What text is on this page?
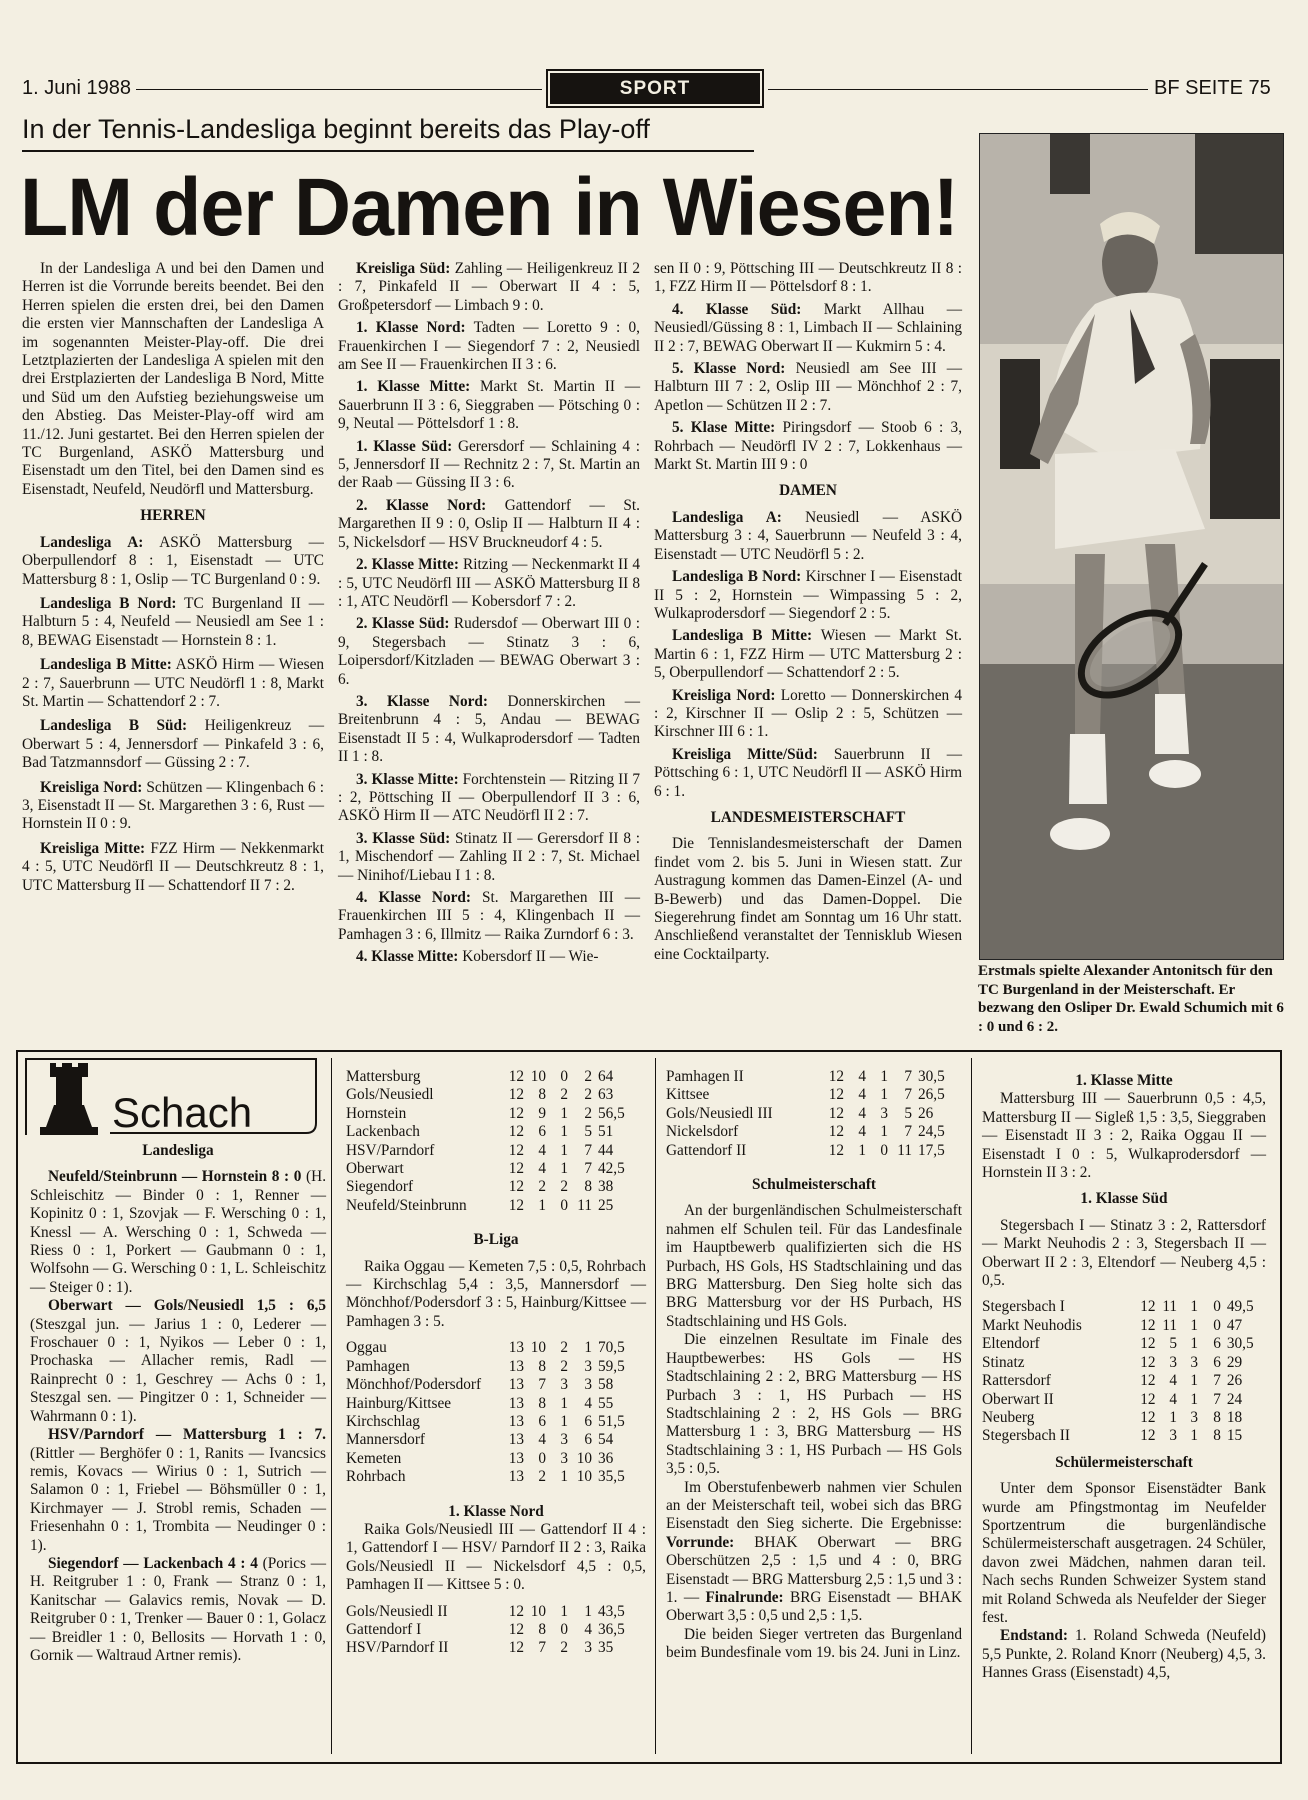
1. Juni 1988	SPORT	BF SEITE 75
In der Tennis-Landesliga beginnt bereits das Play-off
LM der Damen in Wiesen!

In der Landesliga A und bei den Damen und Herren ist die Vorrunde bereits beendet. Bei den Herren spielen die ersten drei, bei den Damen die ersten vier Mannschaften der Landesliga A im sogenannten Meister-Play-off. Die drei Letztplazierten der Landesliga A spielen mit den drei Erstplazierten der Landesliga B Nord, Mitte und Süd um den Aufstieg beziehungsweise um den Abstieg. Das Meister-Play-off wird am 11./12. Juni gestartet. Bei den Herren spielen der TC Burgenland, ASKÖ Mattersburg und Eisenstadt um den Titel, bei den Damen sind es Eisenstadt, Neufeld, Neudörfl und Mattersburg.

HERREN

Landesliga A: ASKÖ Mattersburg — Oberpullendorf 8 : 1, Eisenstadt — UTC Mattersburg 8 : 1, Oslip — TC Burgenland 0 : 9.

Landesliga B Nord: TC Burgenland II — Halbturn 5 : 4, Neufeld — Neusiedl am See 1 : 8, BEWAG Eisenstadt — Hornstein 8 : 1.

Landesliga B Mitte: ASKÖ Hirm — Wiesen 2 : 7, Sauerbrunn — UTC Neudörfl 1 : 8, Markt St. Martin — Schattendorf 2 : 7.

Landesliga B Süd: Heiligenkreuz — Oberwart 5 : 4, Jennersdorf — Pinkafeld 3 : 6, Bad Tatzmannsdorf — Güssing 2 : 7.

Kreisliga Nord: Schützen — Klingenbach 6 : 3, Eisenstadt II — St. Margarethen 3 : 6, Rust — Hornstein II 0 : 9.

Kreisliga Mitte: FZZ Hirm — Nekkenmarkt 4 : 5, UTC Neudörfl II — Deutschkreutz 8 : 1, UTC Mattersburg II — Schattendorf II 7 : 2.

Kreisliga Süd: Zahling — Heiligenkreuz II 2 : 7, Pinkafeld II — Oberwart II 4 : 5, Großpetersdorf — Limbach 9 : 0.

1. Klasse Nord: Tadten — Loretto 9 : 0, Frauenkirchen I — Siegendorf 7 : 2, Neusiedl am See II — Frauenkirchen II 3 : 6.

1. Klasse Mitte: Markt St. Martin II — Sauerbrunn II 3 : 6, Sieggraben — Pötsching 0 : 9, Neutal — Pöttelsdorf 1 : 8.

1. Klasse Süd: Gerersdorf — Schlaining 4 : 5, Jennersdorf II — Rechnitz 2 : 7, St. Martin an der Raab — Güssing II 3 : 6.

2. Klasse Nord: Gattendorf — St. Margarethen II 9 : 0, Oslip II — Halbturn II 4 : 5, Nickelsdorf — HSV Bruckneudorf 4 : 5.

2. Klasse Mitte: Ritzing — Neckenmarkt II 4 : 5, UTC Neudörfl III — ASKÖ Mattersburg II 8 : 1, ATC Neudörfl — Kobersdorf 7 : 2.

2. Klasse Süd: Rudersdof — Oberwart III 0 : 9, Stegersbach — Stinatz 3 : 6, Loipersdorf/Kitzladen — BEWAG Oberwart 3 : 6.

3. Klasse Nord: Donnerskirchen — Breitenbrunn 4 : 5, Andau — BEWAG Eisenstadt II 5 : 4, Wulkaprodersdorf — Tadten II 1 : 8.

3. Klasse Mitte: Forchtenstein — Ritzing II 7 : 2, Pöttsching II — Oberpullendorf II 3 : 6, ASKÖ Hirm II — ATC Neudörfl II 2 : 7.

3. Klasse Süd: Stinatz II — Gerersdorf II 8 : 1, Mischendorf — Zahling II 2 : 7, St. Michael — Ninihof/Liebau I 1 : 8.

4. Klasse Nord: St. Margarethen III — Frauenkirchen III 5 : 4, Klingenbach II — Pamhagen 3 : 6, Illmitz — Raika Zurndorf 6 : 3.

4. Klasse Mitte: Kobersdorf II — Wie-

sen II 0 : 9, Pöttsching III — Deutschkreutz II 8 : 1, FZZ Hirm II — Pöttelsdorf 8 : 1.

4. Klasse Süd: Markt Allhau — Neusiedl/Güssing 8 : 1, Limbach II — Schlaining II 2 : 7, BEWAG Oberwart II — Kukmirn 5 : 4.

5. Klasse Nord: Neusiedl am See III — Halbturn III 7 : 2, Oslip III — Mönchhof 2 : 7, Apetlon — Schützen II 2 : 7.

5. Klase Mitte: Piringsdorf — Stoob 6 : 3, Rohrbach — Neudörfl IV 2 : 7, Lokkenhaus — Markt St. Martin III 9 : 0

DAMEN

Landesliga A: Neusiedl — ASKÖ Mattersburg 3 : 4, Sauerbrunn — Neufeld 3 : 4, Eisenstadt — UTC Neudörfl 5 : 2.

Landesliga B Nord: Kirschner I — Eisenstadt II 5 : 2, Hornstein — Wimpassing 5 : 2, Wulkaprodersdorf — Siegendorf 2 : 5.

Landesliga B Mitte: Wiesen — Markt St. Martin 6 : 1, FZZ Hirm — UTC Mattersburg 2 : 5, Oberpullendorf — Schattendorf 2 : 5.

Kreisliga Nord: Loretto — Donnerskirchen 4 : 2, Kirschner II — Oslip 2 : 5, Schützen — Kirschner III 6 : 1.

Kreisliga Mitte/Süd: Sauerbrunn II — Pöttsching 6 : 1, UTC Neudörfl II — ASKÖ Hirm 6 : 1.

LANDESMEISTERSCHAFT

Die Tennislandesmeisterschaft der Damen findet vom 2. bis 5. Juni in Wiesen statt. Zur Austragung kommen das Damen-Einzel (A- und B-Bewerb) und das Damen-Doppel. Die Siegerehrung findet am Sonntag um 16 Uhr statt. Anschließend veranstaltet der Tennisklub Wiesen eine Cocktailparty.

Erstmals spielte Alexander Antonitsch für den TC Burgenland in der Meisterschaft. Er bezwang den Osliper Dr. Ewald Schumich mit 6 : 0 und 6 : 2.
Schach

Landesliga

Neufeld/Steinbrunn — Hornstein 8 : 0 (H. Schleischitz — Binder 0 : 1, Renner — Kopinitz 0 : 1, Szovjak — F. Wersching 0 : 1, Knessl — A. Wersching 0 : 1, Schweda — Riess 0 : 1, Porkert — Gaubmann 0 : 1, Wolfsohn — G. Wersching 0 : 1, L. Schleischitz — Steiger 0 : 1).

Oberwart — Gols/Neusiedl 1,5 : 6,5 (Steszgal jun. — Jarius 1 : 0, Lederer — Froschauer 0 : 1, Nyikos — Leber 0 : 1, Prochaska — Allacher remis, Radl — Rainprecht 0 : 1, Geschrey — Achs 0 : 1, Steszgal sen. — Pingitzer 0 : 1, Schneider — Wahrmann 0 : 1).

HSV/Parndorf — Mattersburg 1 : 7. (Rittler — Berghöfer 0 : 1, Ranits — Ivancsics remis, Kovacs — Wirius 0 : 1, Sutrich — Salamon 0 : 1, Friebel — Böhsmüller 0 : 1, Kirchmayer — J. Strobl remis, Schaden — Friesenhahn 0 : 1, Trombita — Neudinger 0 : 1).

Siegendorf — Lackenbach 4 : 4 (Porics — H. Reitgruber 1 : 0, Frank — Stranz 0 : 1, Kanitschar — Galavics remis, Novak — D. Reitgruber 0 : 1, Trenker — Bauer 0 : 1, Golacz — Breidler 1 : 0, Bellosits — Horvath 1 : 0, Gornik — Waltraud Artner remis).

Mattersburg	12	10	0	2	64
Gols/Neusiedl	12	8	2	2	63
Hornstein	12	9	1	2	56,5
Lackenbach	12	6	1	5	51
HSV/Parndorf	12	4	1	7	44
Oberwart	12	4	1	7	42,5
Siegendorf	12	2	2	8	38
Neufeld/Steinbrunn	12	1	0	11	25

B-Liga

Raika Oggau — Kemeten 7,5 : 0,5, Rohrbach — Kirchschlag 5,4 : 3,5, Mannersdorf — Mönchhof/Podersdorf 3 : 5, Hainburg/Kittsee — Pamhagen 3 : 5.

Oggau	13	10	2	1	70,5
Pamhagen	13	8	2	3	59,5
Mönchhof/Podersdorf	13	7	3	3	58
Hainburg/Kittsee	13	8	1	4	55
Kirchschlag	13	6	1	6	51,5
Mannersdorf	13	4	3	6	54
Kemeten	13	0	3	10	36
Rohrbach	13	2	1	10	35,5

1. Klasse Nord

Raika Gols/Neusiedl III — Gattendorf II 4 : 1, Gattendorf I — HSV/ Parndorf II 2 : 3, Raika Gols/Neusiedl II — Nickelsdorf 4,5 : 0,5, Pamhagen II — Kittsee 5 : 0.

Gols/Neusiedl II	12	10	1	1	43,5
Gattendorf I	12	8	0	4	36,5
HSV/Parndorf II	12	7	2	3	35
Pamhagen II	12	4	1	7	30,5
Kittsee	12	4	1	7	26,5
Gols/Neusiedl III	12	4	3	5	26
Nickelsdorf	12	4	1	7	24,5
Gattendorf II	12	1	0	11	17,5

Schulmeisterschaft

An der burgenländischen Schulmeisterschaft nahmen elf Schulen teil. Für das Landesfinale im Hauptbewerb qualifizierten sich die HS Purbach, HS Gols, HS Stadtschlaining und das BRG Mattersburg. Den Sieg holte sich das BRG Mattersburg vor der HS Purbach, HS Stadtschlaining und HS Gols.

Die einzelnen Resultate im Finale des Hauptbewerbes: HS Gols — HS Stadtschlaining 2 : 2, BRG Mattersburg — HS Purbach 3 : 1, HS Purbach — HS Stadtschlaining 2 : 2, HS Gols — BRG Mattersburg 1 : 3, BRG Mattersburg — HS Stadtschlaining 3 : 1, HS Purbach — HS Gols 3,5 : 0,5.

Im Oberstufenbewerb nahmen vier Schulen an der Meisterschaft teil, wobei sich das BRG Eisenstadt den Sieg sicherte. Die Ergebnisse: Vorrunde: BHAK Oberwart — BRG Oberschützen 2,5 : 1,5 und 4 : 0, BRG Eisenstadt — BRG Mattersburg 2,5 : 1,5 und 3 : 1. — Finalrunde: BRG Eisenstadt — BHAK Oberwart 3,5 : 0,5 und 2,5 : 1,5.

Die beiden Sieger vertreten das Burgenland beim Bundesfinale vom 19. bis 24. Juni in Linz.

1. Klasse Mitte

Mattersburg III — Sauerbrunn 0,5 : 4,5, Mattersburg II — Sigleß 1,5 : 3,5, Sieggraben — Eisenstadt II 3 : 2, Raika Oggau II — Eisenstadt I 0 : 5, Wulkaprodersdorf — Hornstein II 3 : 2.

1. Klasse Süd

Stegersbach I — Stinatz 3 : 2, Rattersdorf — Markt Neuhodis 2 : 3, Stegersbach II — Oberwart II 2 : 3, Eltendorf — Neuberg 4,5 : 0,5.

Stegersbach I	12	11	1	0	49,5
Markt Neuhodis	12	11	1	0	47
Eltendorf	12	5	1	6	30,5
Stinatz	12	3	3	6	29
Rattersdorf	12	4	1	7	26
Oberwart II	12	4	1	7	24
Neuberg	12	1	3	8	18
Stegersbach II	12	3	1	8	15

Schülermeisterschaft

Unter dem Sponsor Eisenstädter Bank wurde am Pfingstmontag im Neufelder Sportzentrum die burgenländische Schülermeisterschaft ausgetragen. 24 Schüler, davon zwei Mädchen, nahmen daran teil. Nach sechs Runden Schweizer System stand mit Roland Schweda als Neufelder der Sieger fest.

Endstand: 1. Roland Schweda (Neufeld) 5,5 Punkte, 2. Roland Knorr (Neuberg) 4,5, 3. Hannes Grass (Eisenstadt) 4,5,
